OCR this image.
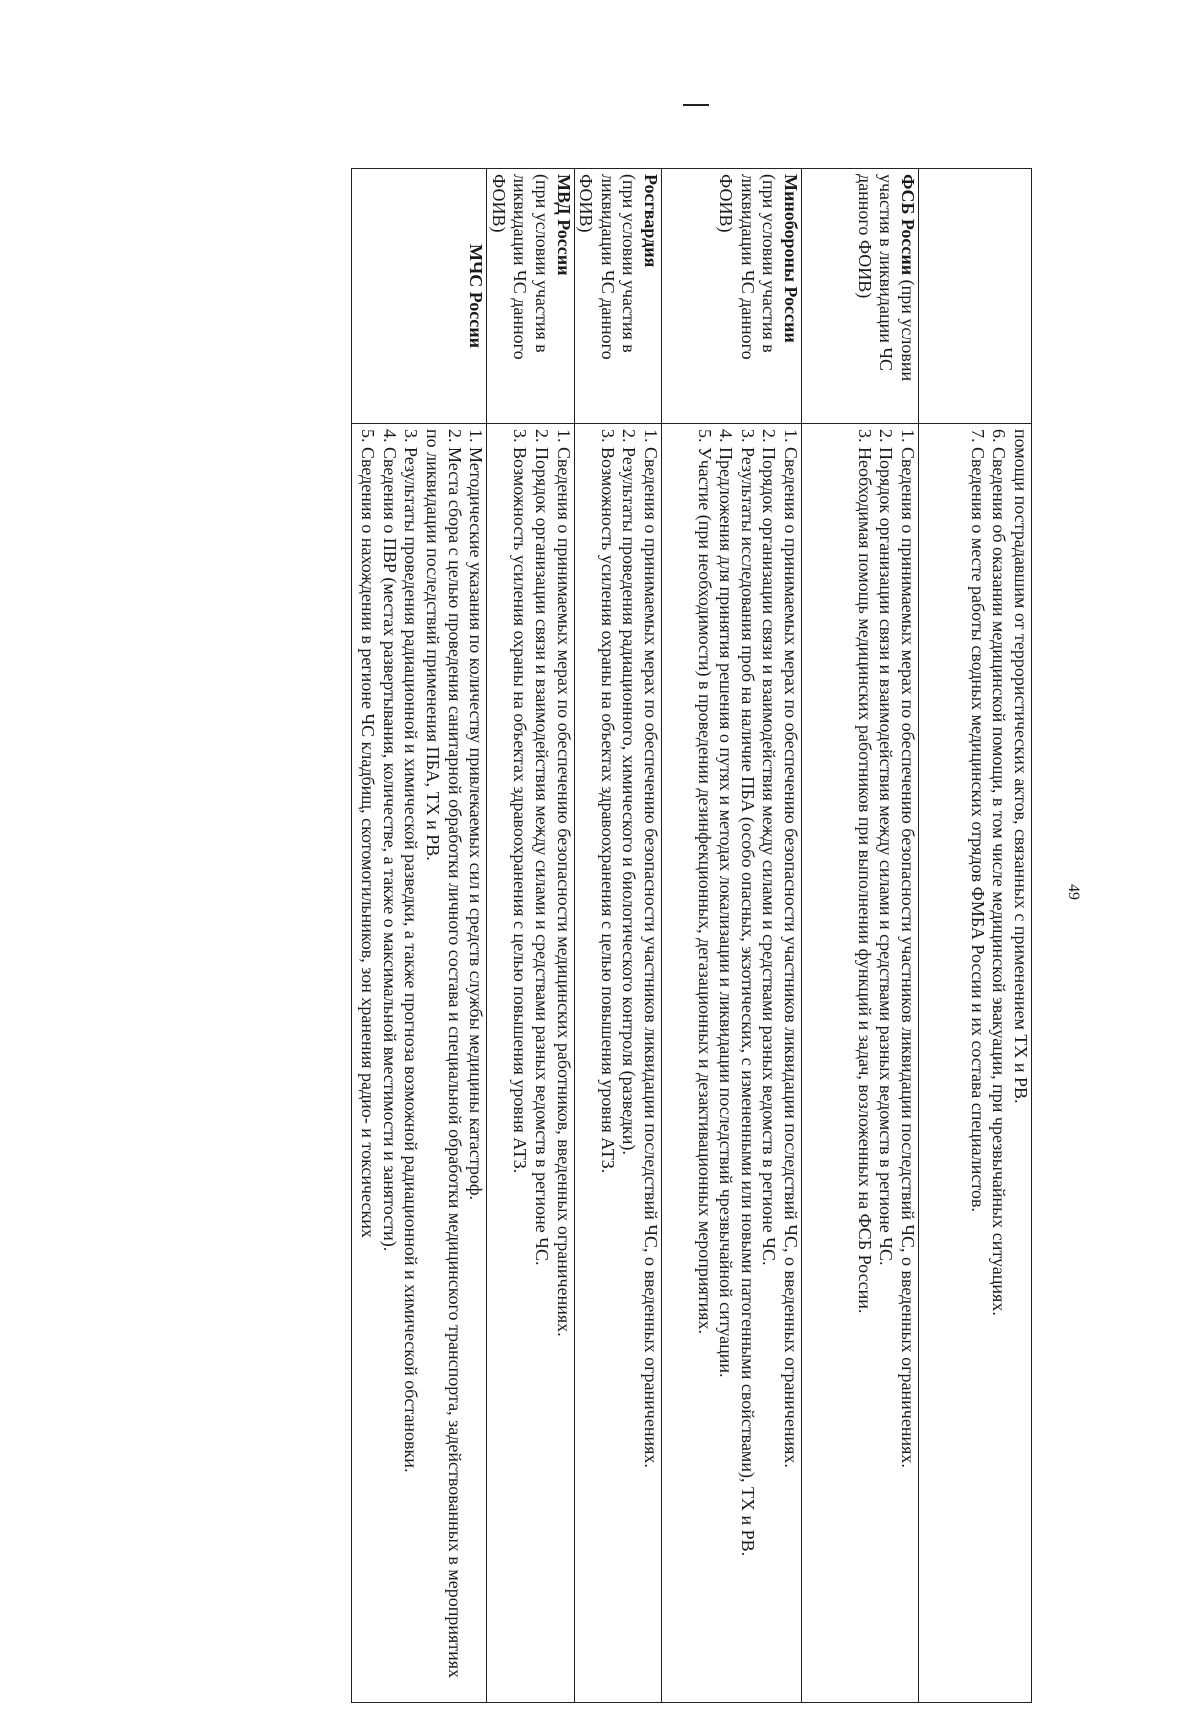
49

	помощи пострадавшим от террористических актов, связанных с применением ТХ и РВ.
6. Сведения об оказании медицинской помощи, в том числе медицинской эвакуации, при чрезвычайных ситуациях.
7. Сведения о месте работы сводных медицинских отрядов ФМБА России и их состава специалистов.

ФСБ России (при условии участия в ликвидации ЧС данного ФОИВ)	1. Сведения о принимаемых мерах по обеспечению безопасности участников ликвидации последствий ЧС, о введенных ограничениях.
2. Порядок организации связи и взаимодействия между силами и средствами разных ведомств в регионе ЧС.
3. Необходимая помощь медицинских работников при выполнении функций и задач, возложенных на ФСБ России.

Минобороны России
(при условии участия в ликвидации ЧС данного ФОИВ)	1. Сведения о принимаемых мерах по обеспечению безопасности участников ликвидации последствий ЧС, о введенных ограничениях.
2. Порядок организации связи и взаимодействия между силами и средствами разных ведомств в регионе ЧС.
3. Результаты исследования проб на наличие ПБА (особо опасных, экзотических, с измененными или новыми патогенными свойствами), ТХ и РВ.
4. Предложения для принятия решения о путях и методах локализации и ликвидации последствий чрезвычайной ситуации.
5. Участие (при необходимости) в проведении дезинфекционных, дегазационных и дезактивационных мероприятиях.

Росгвардия
(при условии участия в ликвидации ЧС данного ФОИВ)	1. Сведения о принимаемых мерах по обеспечению безопасности участников ликвидации последствий ЧС, о введенных ограничениях.
2. Результаты проведения радиационного, химического и биологического контроля (разведки).
3. Возможность усиления охраны на объектах здравоохранения с целью повышения уровня АТЗ.

МВД России
(при условии участия в ликвидации ЧС данного ФОИВ)	1. Сведения о принимаемых мерах по обеспечению безопасности медицинских работников, введенных ограничениях.
2. Порядок организации связи и взаимодействия между силами и средствами разных ведомств в регионе ЧС.
3. Возможность усиления охраны на объектах здравоохранения с целью повышения уровня АТЗ.

МЧС России	1. Методические указания по количеству привлекаемых сил и средств службы медицины катастроф.
2. Места сбора с целью проведения санитарной обработки личного состава и специальной обработки медицинского транспорта, задействованных в мероприятиях по ликвидации последствий применения ПБА, ТХ и РВ.
3. Результаты проведения радиационной и химической разведки, а также прогноза возможной радиационной и химической обстановки.
4. Сведения о ПВР (местах развертывания, количестве, а также о максимальной вместимости и занятости).
5. Сведения о нахождении в регионе ЧС кладбищ, скотомогильников, зон хранения радио- и токсических
